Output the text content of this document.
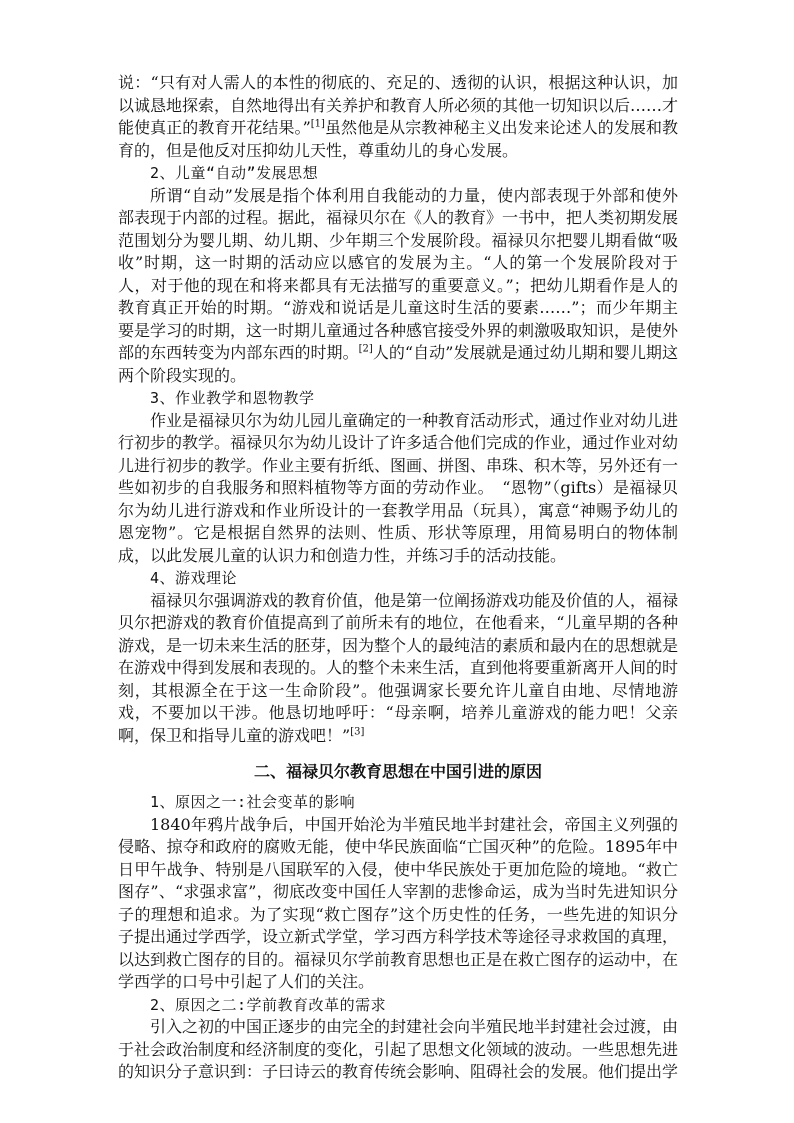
说：“只有对人需人的本性的彻底的、充足的、透彻的认识，根据这种认识，加以诚恳地探索，自然地得出有关养护和教育人所必须的其他一切知识以后……才能使真正的教育开花结果。”[1]虽然他是从宗教神秘主义出发来论述人的发展和教育的，但是他反对压抑幼儿天性，尊重幼儿的身心发展。

2、儿童“自动”发展思想

所谓“自动”发展是指个体利用自我能动的力量，使内部表现于外部和使外部表现于内部的过程。据此，福禄贝尔在《人的教育》一书中，把人类初期发展范围划分为婴儿期、幼儿期、少年期三个发展阶段。福禄贝尔把婴儿期看做“吸收”时期，这一时期的活动应以感官的发展为主。“人的第一个发展阶段对于人，对于他的现在和将来都具有无法描写的重要意义。”；把幼儿期看作是人的教育真正开始的时期。“游戏和说话是儿童这时生活的要素……”；而少年期主要是学习的时期，这一时期儿童通过各种感官接受外界的刺激吸取知识，是使外部的东西转变为内部东西的时期。[2]人的“自动”发展就是通过幼儿期和婴儿期这两个阶段实现的。

3、作业教学和恩物教学

作业是福禄贝尔为幼儿园儿童确定的一种教育活动形式，通过作业对幼儿进行初步的教学。福禄贝尔为幼儿设计了许多适合他们完成的作业，通过作业对幼儿进行初步的教学。作业主要有折纸、图画、拼图、串珠、积木等，另外还有一些如初步的自我服务和照料植物等方面的劳动作业。　“恩物”（gifts）是福禄贝尔为幼儿进行游戏和作业所设计的一套教学用品（玩具），寓意“神赐予幼儿的恩宠物”。它是根据自然界的法则、性质、形状等原理，用简易明白的物体制成，以此发展儿童的认识力和创造力性，并练习手的活动技能。

4、游戏理论

福禄贝尔强调游戏的教育价值，他是第一位阐扬游戏功能及价值的人，福禄贝尔把游戏的教育价值提高到了前所未有的地位，在他看来，“儿童早期的各种游戏，是一切未来生活的胚芽，因为整个人的最纯洁的素质和最内在的思想就是在游戏中得到发展和表现的。人的整个未来生活，直到他将要重新离开人间的时刻，其根源全在于这一生命阶段”。他强调家长要允许儿童自由地、尽情地游戏，不要加以干涉。他恳切地呼吁：“母亲啊，培养儿童游戏的能力吧！父亲啊，保卫和指导儿童的游戏吧！”[3]

二、福禄贝尔教育思想在中国引进的原因

1、原因之一:社会变革的影响

1840年鸦片战争后，中国开始沦为半殖民地半封建社会，帝国主义列强的侵略、掠夺和政府的腐败无能，使中华民族面临“亡国灭种”的危险。1895年中日甲午战争、特别是八国联军的入侵，使中华民族处于更加危险的境地。“救亡图存”、“求强求富”，彻底改变中国任人宰割的悲惨命运，成为当时先进知识分子的理想和追求。为了实现“救亡图存”这个历史性的任务，一些先进的知识分子提出通过学西学，设立新式学堂，学习西方科学技术等途径寻求救国的真理，以达到救亡图存的目的。福禄贝尔学前教育思想也正是在救亡图存的运动中，在学西学的口号中引起了人们的关注。

2、原因之二:学前教育改革的需求

引入之初的中国正逐步的由完全的封建社会向半殖民地半封建社会过渡，由于社会政治制度和经济制度的变化，引起了思想文化领域的波动。一些思想先进的知识分子意识到：子曰诗云的教育传统会影响、阻碍社会的发展。他们提出学
